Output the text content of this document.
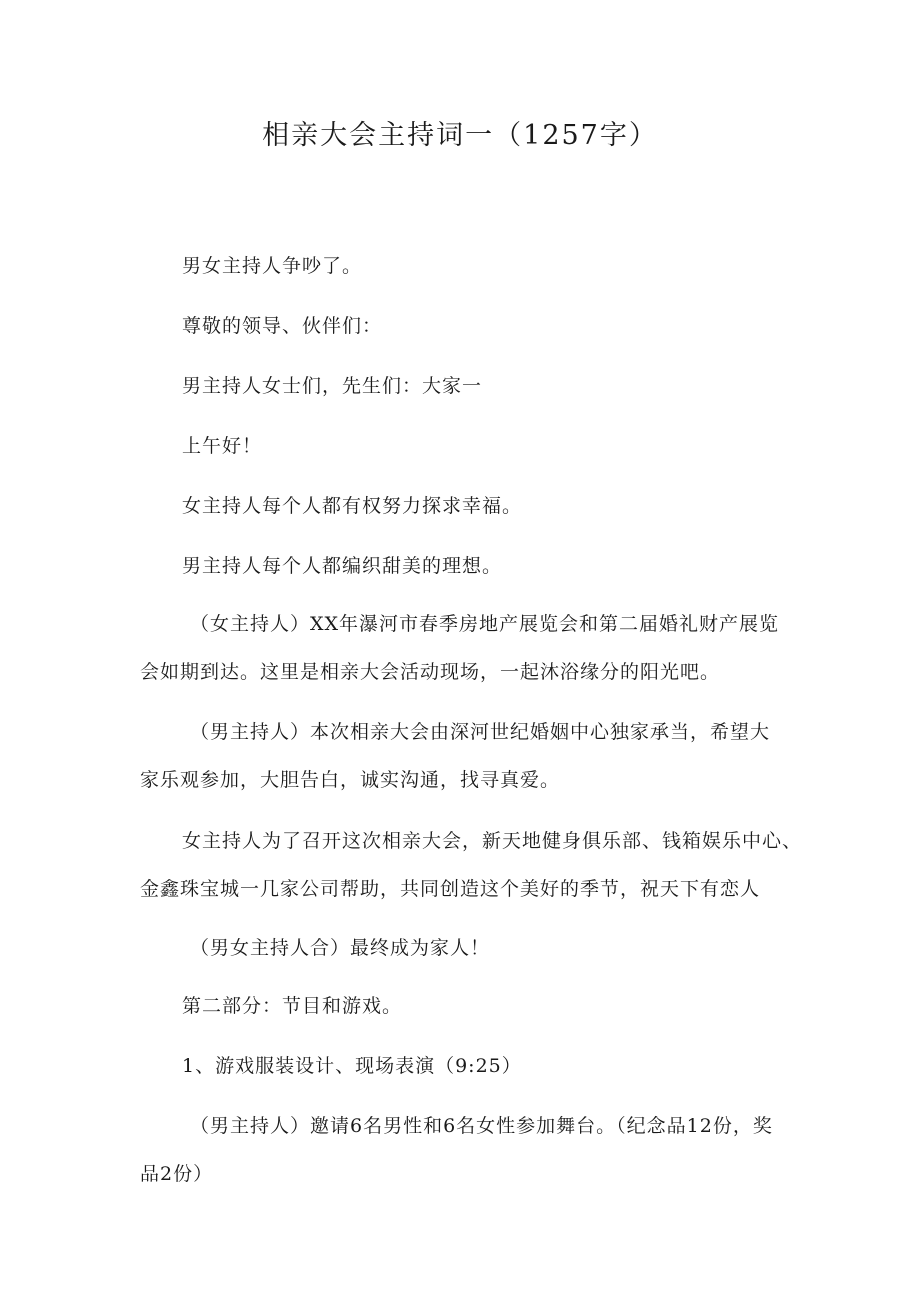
相亲大会主持词一（1257字）

男女主持人争吵了。

尊敬的领导、伙伴们：

男主持人女士们，先生们：大家一

上午好！

女主持人每个人都有权努力探求幸福。

男主持人每个人都编织甜美的理想。

（女主持人）XX年瀑河市春季房地产展览会和第二届婚礼财产展览
会如期到达。这里是相亲大会活动现场，一起沐浴缘分的阳光吧。

（男主持人）本次相亲大会由深河世纪婚姻中心独家承当，希望大
家乐观参加，大胆告白，诚实沟通，找寻真爱。

女主持人为了召开这次相亲大会，新天地健身俱乐部、钱箱娱乐中心、
金鑫珠宝城一几家公司帮助，共同创造这个美好的季节，祝天下有恋人

（男女主持人合）最终成为家人！

第二部分：节目和游戏。

1、游戏服装设计、现场表演（9:25）

（男主持人）邀请6名男性和6名女性参加舞台。（纪念品12份，奖
品2份）
